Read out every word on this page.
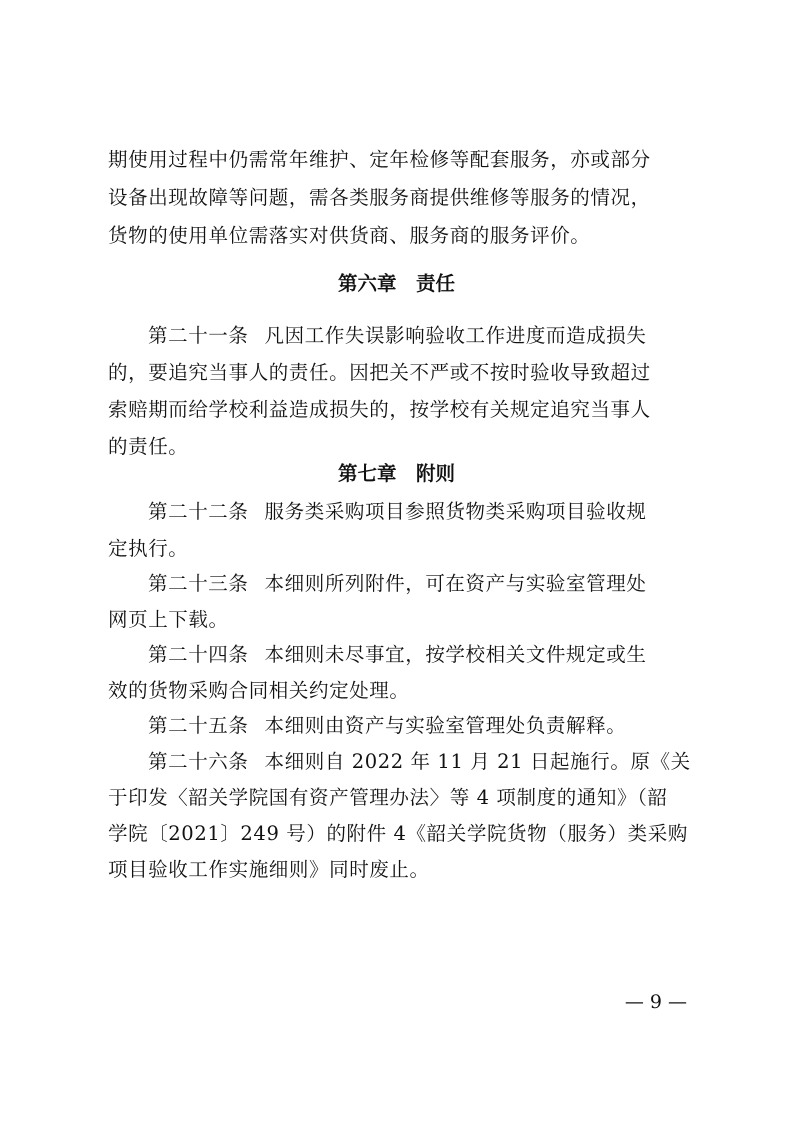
期使用过程中仍需常年维护、定年检修等配套服务，亦或部分
设备出现故障等问题，需各类服务商提供维修等服务的情况，
货物的使用单位需落实对供货商、服务商的服务评价。
第六章　责任
第二十一条 凡因工作失误影响验收工作进度而造成损失
的，要追究当事人的责任。因把关不严或不按时验收导致超过
索赔期而给学校利益造成损失的，按学校有关规定追究当事人
的责任。
第七章　附则
第二十二条 服务类采购项目参照货物类采购项目验收规
定执行。
第二十三条 本细则所列附件，可在资产与实验室管理处
网页上下载。
第二十四条 本细则未尽事宜，按学校相关文件规定或生
效的货物采购合同相关约定处理。
第二十五条 本细则由资产与实验室管理处负责解释。
第二十六条 本细则自 2022 年 11 月 21 日起施行。原《关
于印发〈韶关学院国有资产管理办法〉等 4 项制度的通知》（韶
学院〔2021〕249 号）的附件 4《韶关学院货物（服务）类采购
项目验收工作实施细则》同时废止。
— 9 —
